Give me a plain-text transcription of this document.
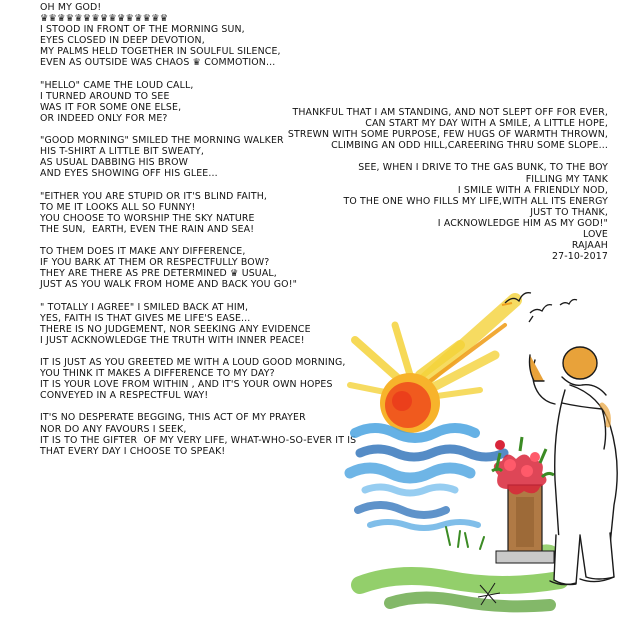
OH MY GOD!
♛♛♛♛♛♛♛♛♛♛♛♛♛♛♛
I STOOD IN FRONT OF THE MORNING SUN,
EYES CLOSED IN DEEP DEVOTION,
MY PALMS HELD TOGETHER IN SOULFUL SILENCE,
EVEN AS OUTSIDE WAS CHAOS ♛ COMMOTION...
"HELLO" CAME THE LOUD CALL,
I TURNED AROUND TO SEE
WAS IT FOR SOME ONE ELSE,
OR INDEED ONLY FOR ME?
"GOOD MORNING" SMILED THE MORNING WALKER
HIS T-SHIRT A LITTLE BIT SWEATY,
AS USUAL DABBING HIS BROW
AND EYES SHOWING OFF HIS GLEE...
"EITHER YOU ARE STUPID OR IT'S BLIND FAITH,
TO ME IT LOOKS ALL SO FUNNY!
YOU CHOOSE TO WORSHIP THE SKY NATURE
THE SUN,  EARTH, EVEN THE RAIN AND SEA!
TO THEM DOES IT MAKE ANY DIFFERENCE,
IF YOU BARK AT THEM OR RESPECTFULLY BOW?
THEY ARE THERE AS PRE DETERMINED ♛ USUAL,
JUST AS YOU WALK FROM HOME AND BACK YOU GO!"
" TOTALLY I AGREE" I SMILED BACK AT HIM,
YES, FAITH IS THAT GIVES ME LIFE'S EASE...
THERE IS NO JUDGEMENT, NOR SEEKING ANY EVIDENCE
I JUST ACKNOWLEDGE THE TRUTH WITH INNER PEACE!
IT IS JUST AS YOU GREETED ME WITH A LOUD GOOD MORNING,
YOU THINK IT MAKES A DIFFERENCE TO MY DAY?
IT IS YOUR LOVE FROM WITHIN , AND IT'S YOUR OWN HOPES
CONVEYED IN A RESPECTFUL WAY!
IT'S NO DESPERATE BEGGING, THIS ACT OF MY PRAYER
NOR DO ANY FAVOURS I SEEK,
IT IS TO THE GIFTER  OF MY VERY LIFE, WHAT-WHO-SO-EVER IT IS
THAT EVERY DAY I CHOOSE TO SPEAK!
THANKFUL THAT I AM STANDING, AND NOT SLEPT OFF FOR EVER,
CAN START MY DAY WITH A SMILE, A LITTLE HOPE,
STREWN WITH SOME PURPOSE, FEW HUGS OF WARMTH THROWN,
CLIMBING AN ODD HILL,CAREERING THRU SOME SLOPE...
SEE, WHEN I DRIVE TO THE GAS BUNK, TO THE BOY
FILLING MY TANK
I SMILE WITH A FRIENDLY NOD,
TO THE ONE WHO FILLS MY LIFE,WITH ALL ITS ENERGY
JUST TO THANK,
I ACKNOWLEDGE HIM AS MY GOD!"
LOVE
RAJAAH
27-10-2017
